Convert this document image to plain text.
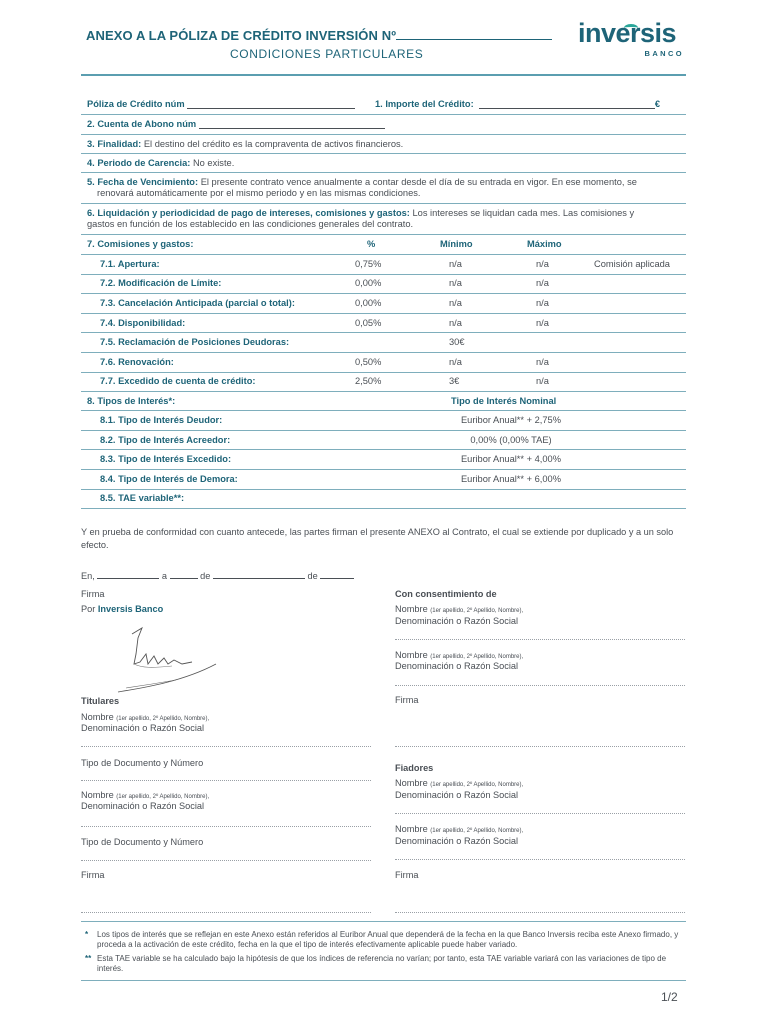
ANEXO A LA PÓLIZA DE CRÉDITO INVERSIÓN Nº
CONDICIONES PARTICULARES
inversis
BANCO
Póliza de Crédito núm
	1. Importe del Crédito:
	€
2. Cuenta de Abono núm

3. Finalidad:
El destino del crédito es la compraventa de activos financieros.
4. Periodo de Carencia:
No existe.
5. Fecha de Vencimiento: El presente contrato vence anualmente a contar desde el día de su entrada en vigor. En ese momento, se
renovará automáticamente por el mismo periodo y en las mismas condiciones.
6. Liquidación y periodicidad de pago de intereses, comisiones y gastos: Los intereses se liquidan cada mes. Las comisiones y
gastos en función de los establecido en las condiciones generales del contrato.
7. Comisiones y gastos:	%	Mínimo	Máximo
7.1. Apertura:	0,75%	n/a	n/a	Comisión aplicada
7.2. Modificación de Límite:	0,00%	n/a	n/a
7.3. Cancelación Anticipada (parcial o total):	0,00%	n/a	n/a
7.4. Disponibilidad:	0,05%	n/a	n/a
7.5. Reclamación de Posiciones Deudoras:	30€
7.6. Renovación:	0,50%	n/a	n/a
7.7. Excedido de cuenta de crédito:	2,50%	3€	n/a
8. Tipos de Interés*:	Tipo de Interés Nominal
8.1. Tipo de Interés Deudor:	Euribor Anual** + 2,75%
8.2. Tipo de Interés Acreedor:	0,00% (0,00% TAE)
8.3. Tipo de Interés Excedido:	Euribor Anual** + 4,00%
8.4. Tipo de Interés de Demora:	Euribor Anual** + 6,00%
8.5. TAE variable**:
Y en prueba de conformidad con cuanto antecede, las partes firman el presente ANEXO al Contrato, el cual se extiende por duplicado y a un solo efecto.
En,	a	de	de
Firma
Por Inversis Banco
Titulares
Nombre (1er apellido, 2º Apellido, Nombre),
Denominación o Razón Social
Tipo de Documento y Número
Nombre (1er apellido, 2º Apellido, Nombre),
Denominación o Razón Social
Tipo de Documento y Número
Firma
Con consentimiento de
Nombre (1er apellido, 2º Apellido, Nombre),
Denominación o Razón Social
Nombre (1er apellido, 2º Apellido, Nombre),
Denominación o Razón Social
Firma
Fiadores
Nombre (1er apellido, 2º Apellido, Nombre),
Denominación o Razón Social
Nombre (1er apellido, 2º Apellido, Nombre),
Denominación o Razón Social
Firma
*	Los tipos de interés que se reflejan en este Anexo están referidos al Euribor Anual que dependerá de la fecha en la que Banco Inversis reciba este Anexo firmado, y proceda a la activación de este crédito, fecha en la que el tipo de interés efectivamente aplicable puede haber variado.
** Esta TAE variable se ha calculado bajo la hipótesis de que los índices de referencia no varían; por tanto, esta TAE variable variará con las variaciones de tipo de interés.
1/2
